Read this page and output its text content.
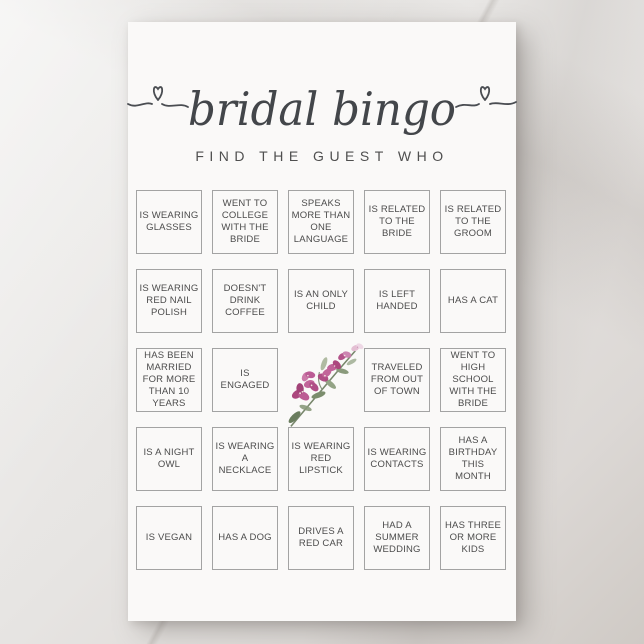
bridal bingo
FIND THE GUEST WHO
IS WEARING GLASSES
WENT TO COLLEGE WITH THE BRIDE
SPEAKS MORE THAN ONE LANGUAGE
IS RELATED TO THE BRIDE
IS RELATED TO THE GROOM
IS WEARING RED NAIL POLISH
DOESN'T DRINK COFFEE
IS AN ONLY CHILD
IS LEFT HANDED
HAS A CAT
HAS BEEN MARRIED FOR MORE THAN 10 YEARS
IS ENGAGED
TRAVELED FROM OUT OF TOWN
WENT TO HIGH SCHOOL WITH THE BRIDE
IS A NIGHT OWL
IS WEARING A NECKLACE
IS WEARING RED LIPSTICK
IS WEARING CONTACTS
HAS A BIRTHDAY THIS MONTH
IS VEGAN	HAS A DOG
DRIVES A RED CAR
HAD A SUMMER WEDDING
HAS THREE OR MORE KIDS
